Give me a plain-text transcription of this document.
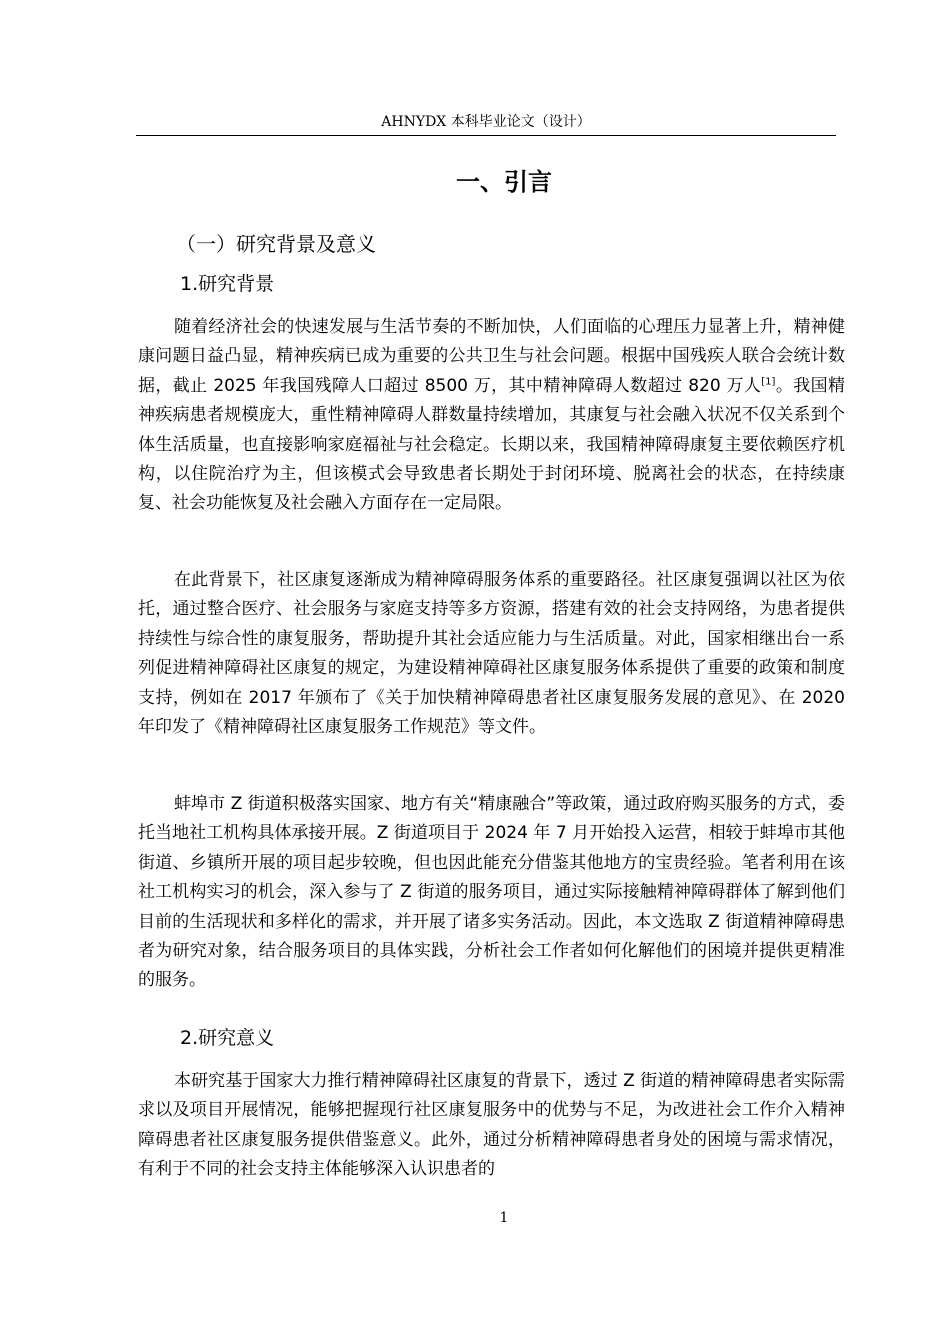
AHNYDX 本科毕业论文（设计）
一、引言
（一）研究背景及意义
1.研究背景
随着经济社会的快速发展与生活节奏的不断加快，人们面临的心理压力显著上升，精神健康问题日益凸显，精神疾病已成为重要的公共卫生与社会问题。根据中国残疾人联合会统计数据，截止 2025 年我国残障人口超过 8500 万，其中精神障碍人数超过 820 万人[1]。我国精神疾病患者规模庞大，重性精神障碍人群数量持续增加，其康复与社会融入状况不仅关系到个体生活质量，也直接影响家庭福祉与社会稳定。长期以来，我国精神障碍康复主要依赖医疗机构，以住院治疗为主，但该模式会导致患者长期处于封闭环境、脱离社会的状态，在持续康复、社会功能恢复及社会融入方面存在一定局限。
在此背景下，社区康复逐渐成为精神障碍服务体系的重要路径。社区康复强调以社区为依托，通过整合医疗、社会服务与家庭支持等多方资源，搭建有效的社会支持网络，为患者提供持续性与综合性的康复服务，帮助提升其社会适应能力与生活质量。对此，国家相继出台一系列促进精神障碍社区康复的规定，为建设精神障碍社区康复服务体系提供了重要的政策和制度支持，例如在 2017 年颁布了《关于加快精神障碍患者社区康复服务发展的意见》、在 2020 年印发了《精神障碍社区康复服务工作规范》等文件。
蚌埠市 Z 街道积极落实国家、地方有关“精康融合”等政策，通过政府购买服务的方式，委托当地社工机构具体承接开展。Z 街道项目于 2024 年 7 月开始投入运营，相较于蚌埠市其他街道、乡镇所开展的项目起步较晚，但也因此能充分借鉴其他地方的宝贵经验。笔者利用在该社工机构实习的机会，深入参与了 Z 街道的服务项目，通过实际接触精神障碍群体了解到他们目前的生活现状和多样化的需求，并开展了诸多实务活动。因此，本文选取 Z 街道精神障碍患者为研究对象，结合服务项目的具体实践，分析社会工作者如何化解他们的困境并提供更精准的服务。
2.研究意义
本研究基于国家大力推行精神障碍社区康复的背景下，透过 Z 街道的精神障碍患者实际需求以及项目开展情况，能够把握现行社区康复服务中的优势与不足，为改进社会工作介入精神障碍患者社区康复服务提供借鉴意义。此外，通过分析精神障碍患者身处的困境与需求情况，有利于不同的社会支持主体能够深入认识患者的
1
